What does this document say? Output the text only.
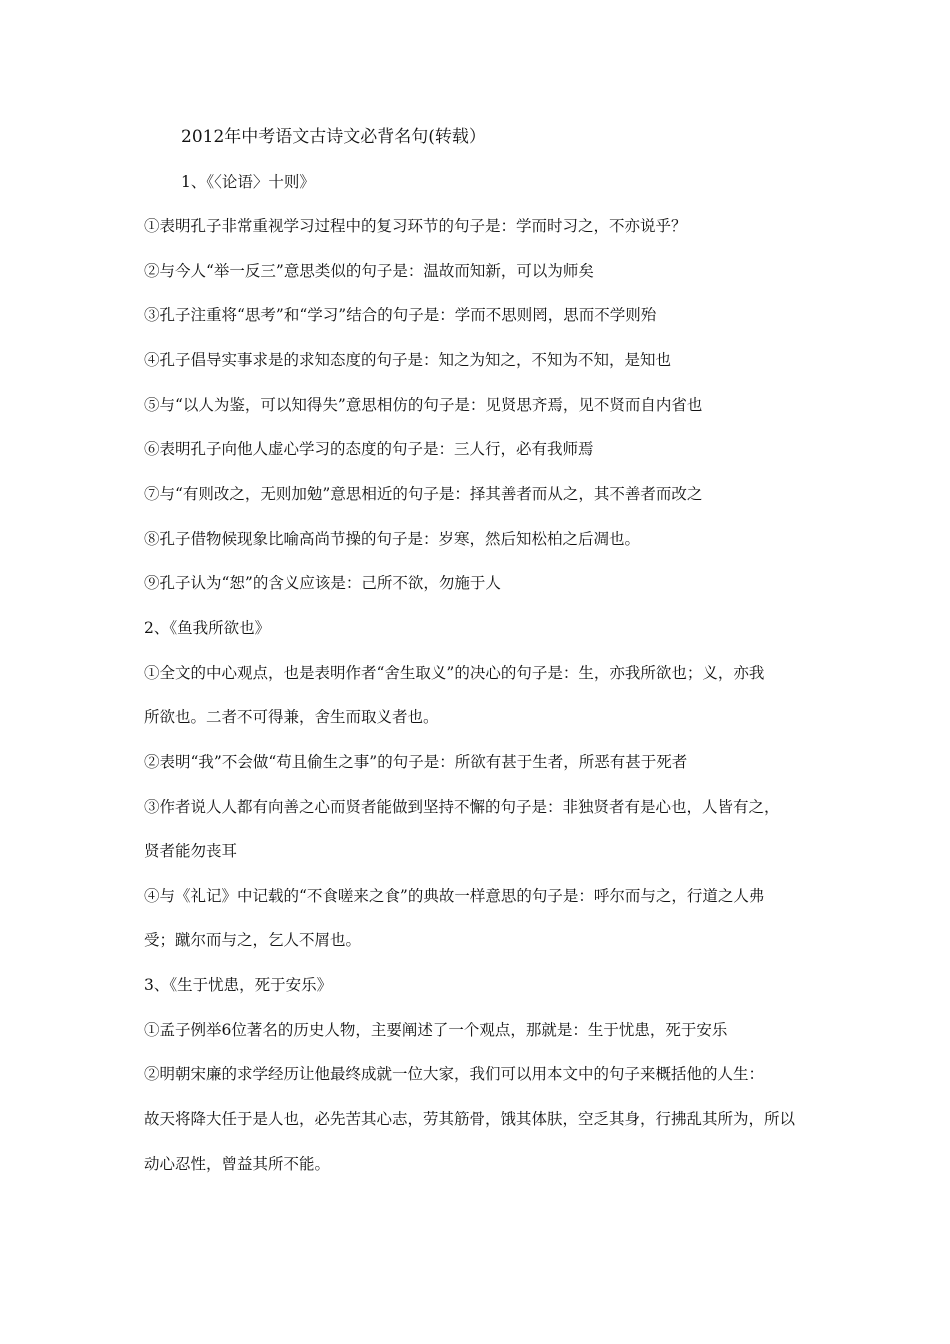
2012年中考语文古诗文必背名句(转载）
1、《〈论语〉十则》
①表明孔子非常重视学习过程中的复习环节的句子是：学而时习之，不亦说乎？
②与今人“举一反三”意思类似的句子是：温故而知新，可以为师矣
③孔子注重将“思考”和“学习”结合的句子是：学而不思则罔，思而不学则殆
④孔子倡导实事求是的求知态度的句子是：知之为知之，不知为不知，是知也
⑤与“以人为鉴，可以知得失”意思相仿的句子是：见贤思齐焉，见不贤而自内省也
⑥表明孔子向他人虚心学习的态度的句子是：三人行，必有我师焉
⑦与“有则改之，无则加勉”意思相近的句子是：择其善者而从之，其不善者而改之
⑧孔子借物候现象比喻高尚节操的句子是：岁寒，然后知松柏之后凋也。
⑨孔子认为“恕”的含义应该是：己所不欲，勿施于人
2、《鱼我所欲也》
①全文的中心观点，也是表明作者“舍生取义”的决心的句子是：生，亦我所欲也；义，亦我
所欲也。二者不可得兼，舍生而取义者也。
②表明“我”不会做“苟且偷生之事”的句子是：所欲有甚于生者，所恶有甚于死者
③作者说人人都有向善之心而贤者能做到坚持不懈的句子是：非独贤者有是心也，人皆有之，
贤者能勿丧耳
④与《礼记》中记载的“不食嗟来之食”的典故一样意思的句子是：呼尔而与之，行道之人弗
受；蹴尔而与之，乞人不屑也。
3、《生于忧患，死于安乐》
①孟子例举6位著名的历史人物，主要阐述了一个观点，那就是：生于忧患，死于安乐
②明朝宋廉的求学经历让他最终成就一位大家，我们可以用本文中的句子来概括他的人生：
故天将降大任于是人也，必先苦其心志，劳其筋骨，饿其体肤，空乏其身，行拂乱其所为，所以
动心忍性，曾益其所不能。
